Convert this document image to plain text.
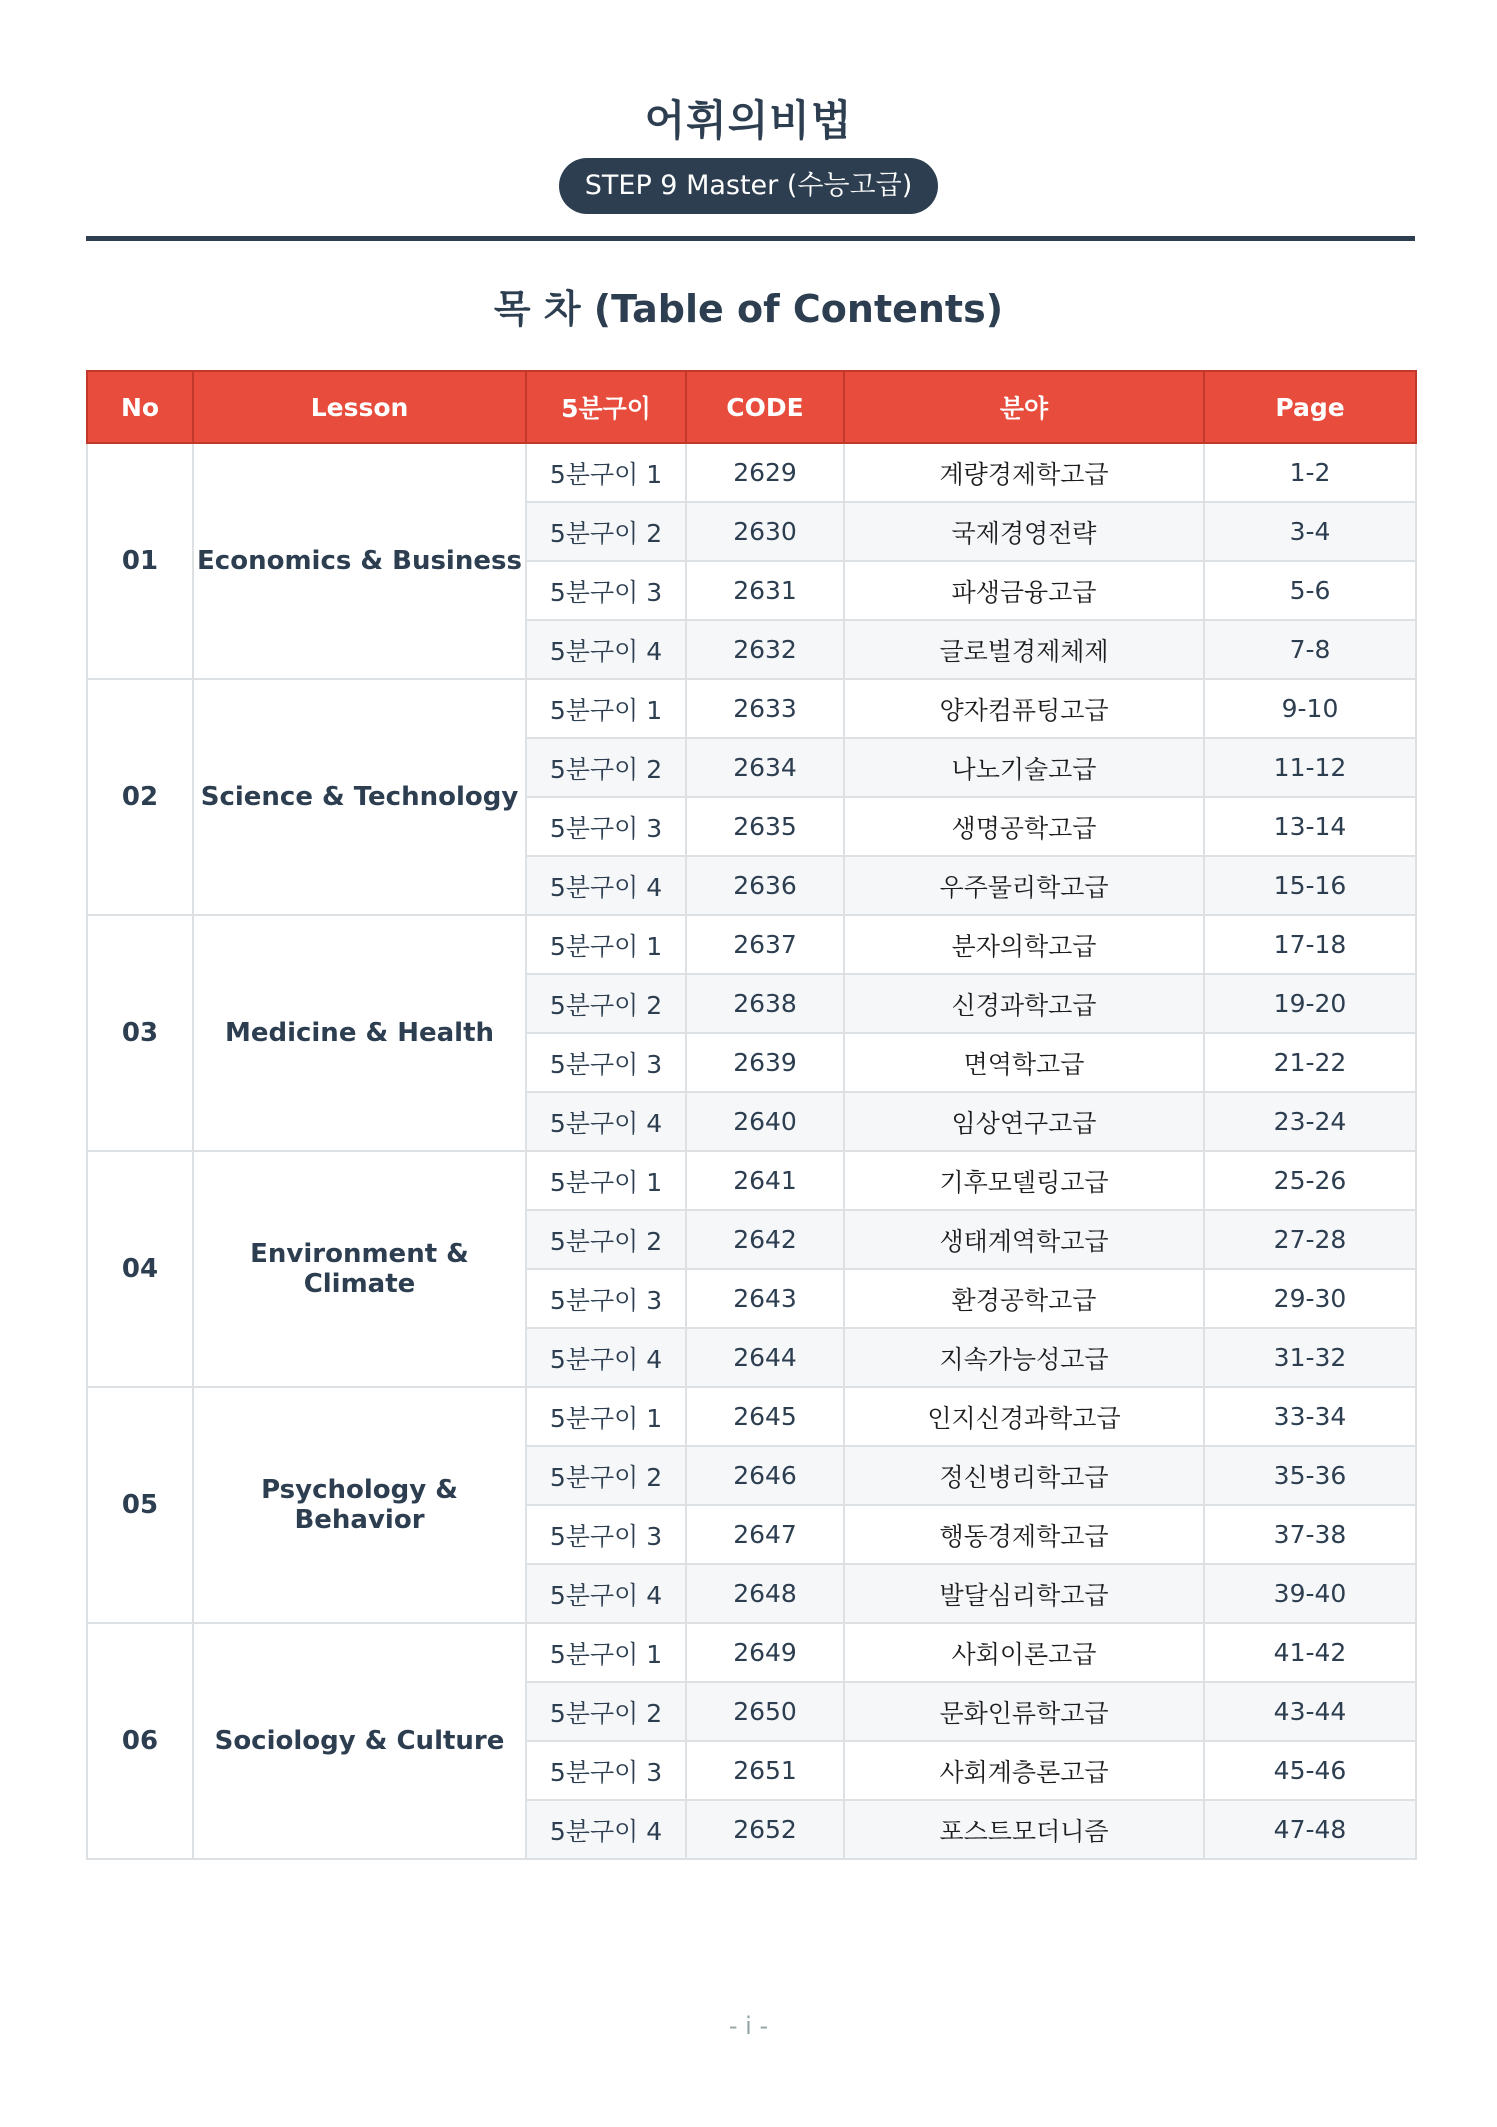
어휘의비법
STEP 9 Master (수능고급)
목 차 (Table of Contents)
No	Lesson	5분구이	CODE	분야	Page
01	Economics & Business	5분구이 1	2629	계량경제학고급	1-2
		5분구이 2	2630	국제경영전략	3-4
		5분구이 3	2631	파생금융고급	5-6
		5분구이 4	2632	글로벌경제체제	7-8
02	Science & Technology	5분구이 1	2633	양자컴퓨팅고급	9-10
		5분구이 2	2634	나노기술고급	11-12
		5분구이 3	2635	생명공학고급	13-14
		5분구이 4	2636	우주물리학고급	15-16
03	Medicine & Health	5분구이 1	2637	분자의학고급	17-18
		5분구이 2	2638	신경과학고급	19-20
		5분구이 3	2639	면역학고급	21-22
		5분구이 4	2640	임상연구고급	23-24
04	Environment & Climate	5분구이 1	2641	기후모델링고급	25-26
		5분구이 2	2642	생태계역학고급	27-28
		5분구이 3	2643	환경공학고급	29-30
		5분구이 4	2644	지속가능성고급	31-32
05	Psychology & Behavior	5분구이 1	2645	인지신경과학고급	33-34
		5분구이 2	2646	정신병리학고급	35-36
		5분구이 3	2647	행동경제학고급	37-38
		5분구이 4	2648	발달심리학고급	39-40
06	Sociology & Culture	5분구이 1	2649	사회이론고급	41-42
		5분구이 2	2650	문화인류학고급	43-44
		5분구이 3	2651	사회계층론고급	45-46
		5분구이 4	2652	포스트모더니즘	47-48
- i -
